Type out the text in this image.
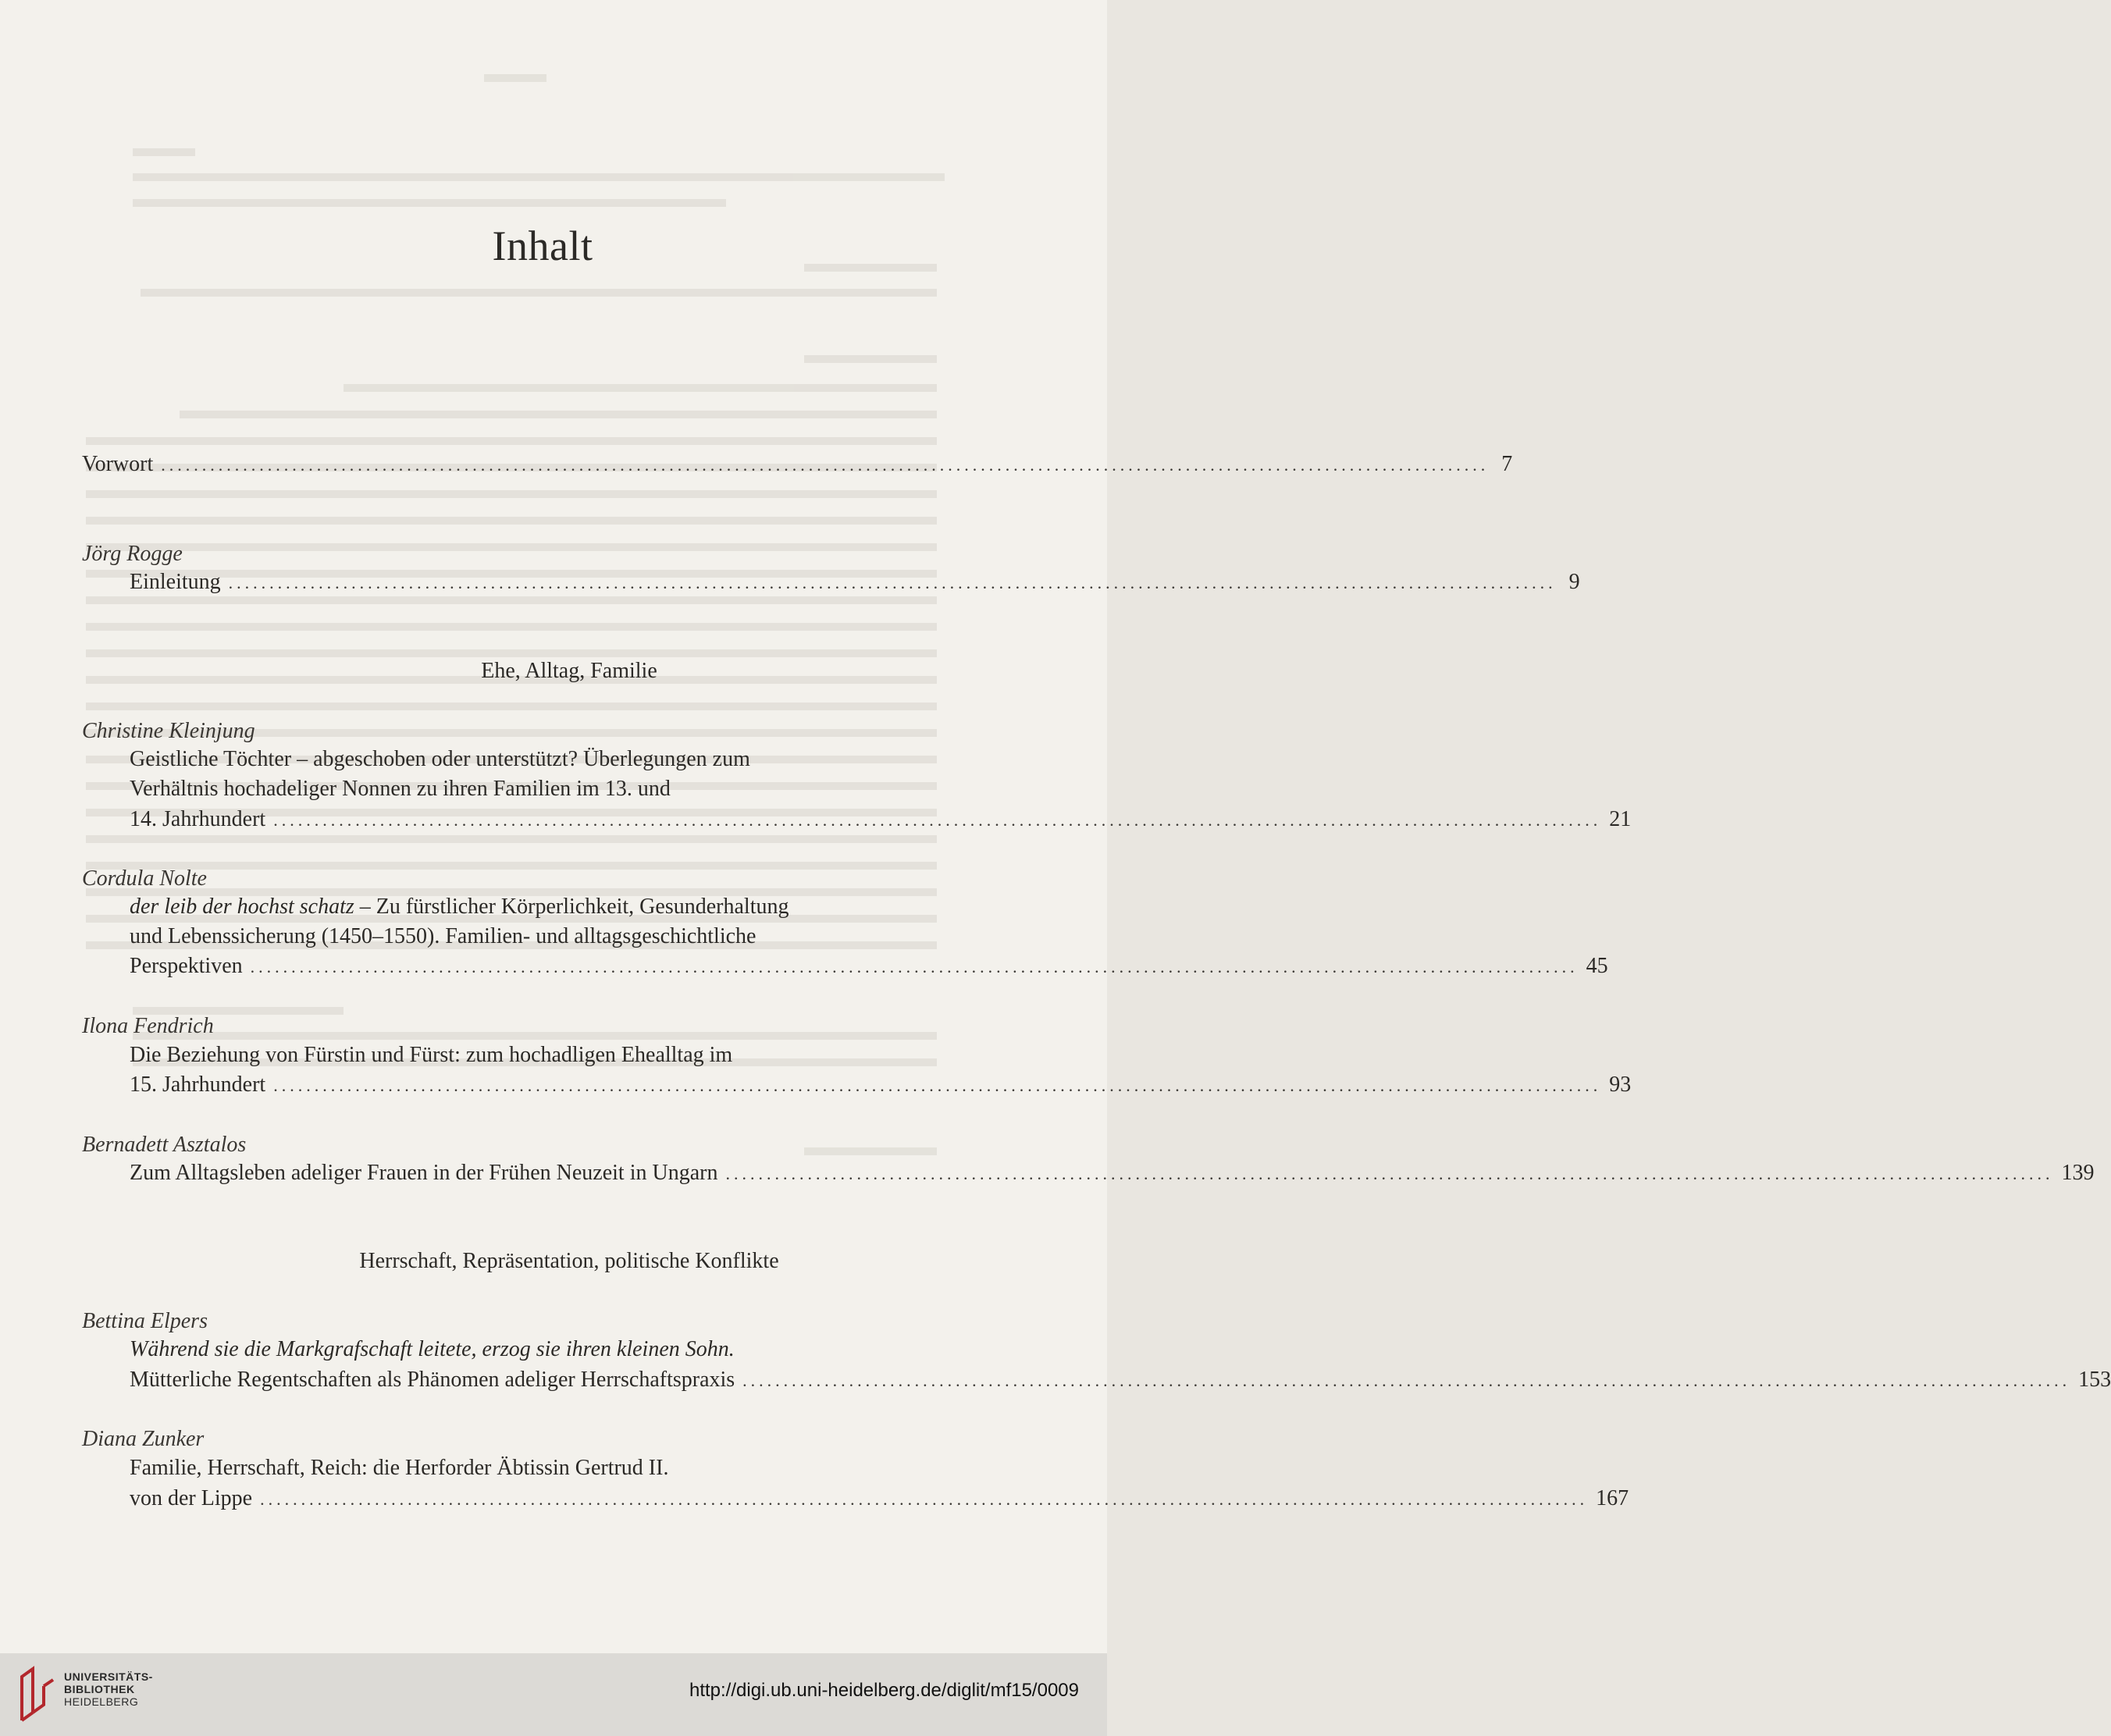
Inhalt
Vorwort .................................................................................................................................................................. 7
Jörg Rogge
Einleitung .................................................................................................................................................................. 9
Ehe, Alltag, Familie
Christine Kleinjung
Geistliche Töchter – abgeschoben oder unterstützt? Überlegungen zum
Verhältnis hochadeliger Nonnen zu ihren Familien im 13. und
14. Jahrhundert .................................................................................................................................................................. 21
Cordula Nolte
der leib der hochst schatz – Zu fürstlicher Körperlichkeit, Gesunderhaltung
und Lebenssicherung (1450–1550). Familien- und alltagsgeschichtliche
Perspektiven .................................................................................................................................................................. 45
Ilona Fendrich
Die Beziehung von Fürstin und Fürst: zum hochadligen Ehealltag im
15. Jahrhundert .................................................................................................................................................................. 93
Bernadett Asztalos
Zum Alltagsleben adeliger Frauen in der Frühen Neuzeit in Ungarn .................................................................................................................................................................. 139
Herrschaft, Repräsentation, politische Konflikte
Bettina Elpers
Während sie die Markgrafschaft leitete, erzog sie ihren kleinen Sohn.
Mütterliche Regentschaften als Phänomen adeliger Herrschaftspraxis .................................................................................................................................................................. 153
Diana Zunker
Familie, Herrschaft, Reich: die Herforder Äbtissin Gertrud II.
von der Lippe .................................................................................................................................................................. 167
UNIVERSITÄTS-
BIBLIOTHEK
HEIDELBERG
http://digi.ub.uni-heidelberg.de/diglit/mf15/0009
